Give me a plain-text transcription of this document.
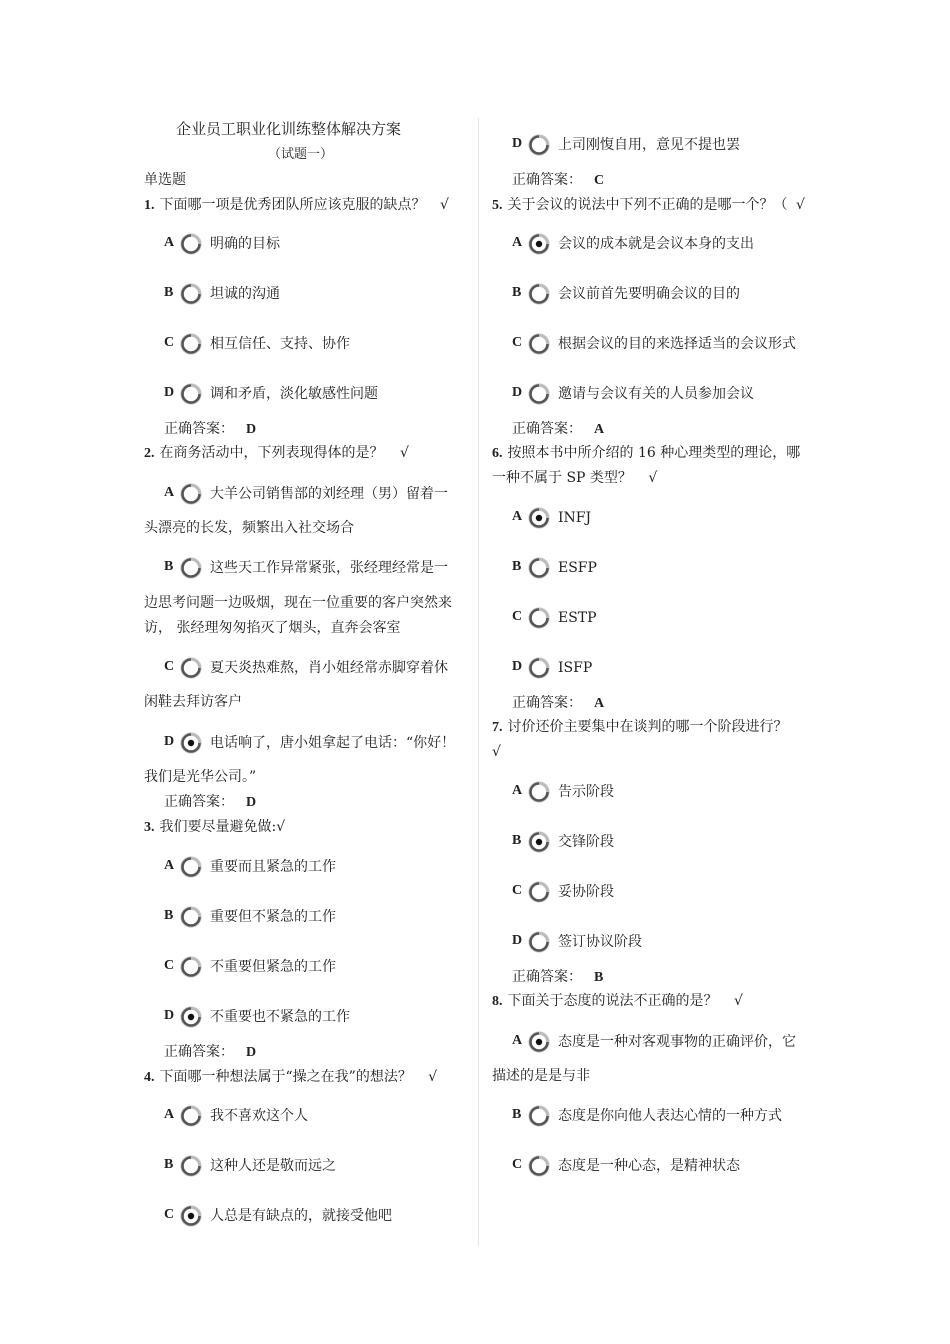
企业员工职业化训练整体解决方案
（试题一）
单选题
1. 下面哪一项是优秀团队所应该克服的缺点？ √
A	明确的目标
B	坦诚的沟通
C	相互信任、支持、协作
D	调和矛盾，淡化敏感性问题
正确答案： D
2. 在商务活动中，下列表现得体的是？ √
A	大羊公司销售部的刘经理（男）留着一
头漂亮的长发，频繁出入社交场合
B	这些天工作异常紧张，张经理经常是一
边思考问题一边吸烟，现在一位重要的客户突然来
访， 张经理匆匆掐灭了烟头，直奔会客室
C	夏天炎热难熬，肖小姐经常赤脚穿着休
闲鞋去拜访客户
D	电话响了，唐小姐拿起了电话：“你好！
我们是光华公司。”
正确答案： D
3. 我们要尽量避免做:√
A	重要而且紧急的工作
B	重要但不紧急的工作
C	不重要但紧急的工作
D	不重要也不紧急的工作
正确答案： D
4. 下面哪一种想法属于“操之在我”的想法？ √
A	我不喜欢这个人
B	这种人还是敬而远之
C	人总是有缺点的，就接受他吧
D	上司刚愎自用，意见不提也罢
正确答案： C
5. 关于会议的说法中下列不正确的是哪一个？（ √
A	会议的成本就是会议本身的支出
B	会议前首先要明确会议的目的
C	根据会议的目的来选择适当的会议形式
D	邀请与会议有关的人员参加会议
正确答案： A
6. 按照本书中所介绍的 16 种心理类型的理论，哪
一种不属于 SP 类型？ √
A	INFJ
B	ESFP
C	ESTP
D	ISFP
正确答案： A
7. 讨价还价主要集中在谈判的哪一个阶段进行？
√
A	告示阶段
B	交锋阶段
C	妥协阶段
D	签订协议阶段
正确答案： B
8. 下面关于态度的说法不正确的是？ √
A	态度是一种对客观事物的正确评价，它
描述的是是与非
B	态度是你向他人表达心情的一种方式
C	态度是一种心态，是精神状态
